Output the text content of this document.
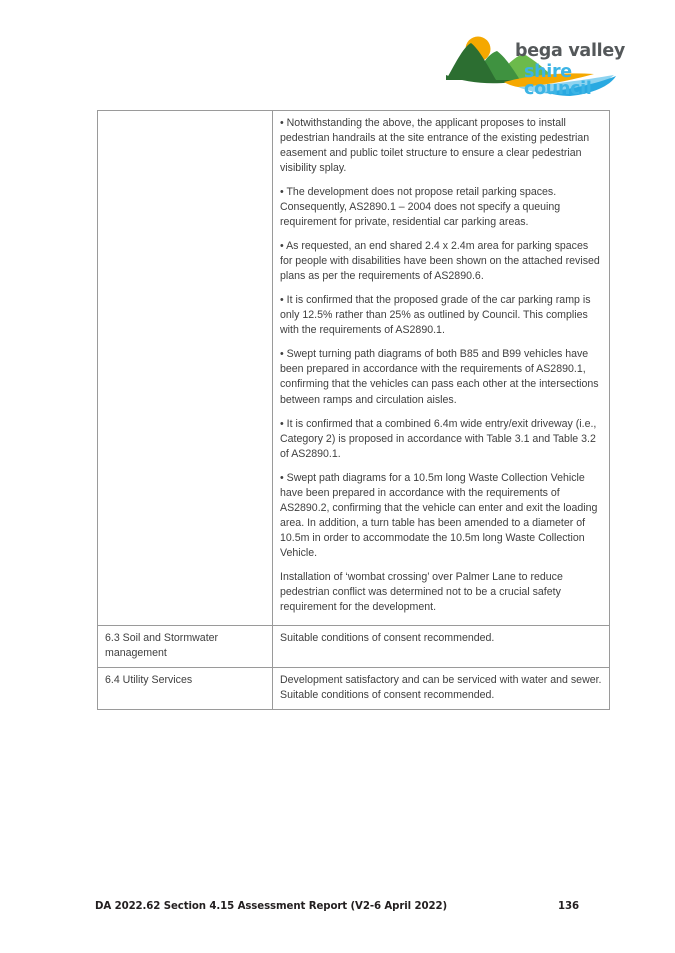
bega valley
shire council

• Notwithstanding the above, the applicant proposes to install pedestrian handrails at the site entrance of the existing pedestrian easement and public toilet structure to ensure a clear pedestrian visibility splay.

• The development does not propose retail parking spaces. Consequently, AS2890.1 – 2004 does not specify a queuing requirement for private, residential car parking areas.

• As requested, an end shared 2.4 x 2.4m area for parking spaces for people with disabilities have been shown on the attached revised plans as per the requirements of AS2890.6.

• It is confirmed that the proposed grade of the car parking ramp is only 12.5% rather than 25% as outlined by Council. This complies with the requirements of AS2890.1.

• Swept turning path diagrams of both B85 and B99 vehicles have been prepared in accordance with the requirements of AS2890.1, confirming that the vehicles can pass each other at the intersections between ramps and circulation aisles.

• It is confirmed that a combined 6.4m wide entry/exit driveway (i.e., Category 2) is proposed in accordance with Table 3.1 and Table 3.2 of AS2890.1.

• Swept path diagrams for a 10.5m long Waste Collection Vehicle have been prepared in accordance with the requirements of AS2890.2, confirming that the vehicle can enter and exit the loading area. In addition, a turn table has been amended to a diameter of 10.5m in order to accommodate the 10.5m long Waste Collection Vehicle.

Installation of ‘wombat crossing’ over Palmer Lane to reduce pedestrian conflict was determined not to be a crucial safety requirement for the development.

6.3 Soil and Stormwater management	Suitable conditions of consent recommended.

6.4 Utility Services	Development satisfactory and can be serviced with water and sewer. Suitable conditions of consent recommended.

DA 2022.62 Section 4.15 Assessment Report (V2-6 April 2022)	136
